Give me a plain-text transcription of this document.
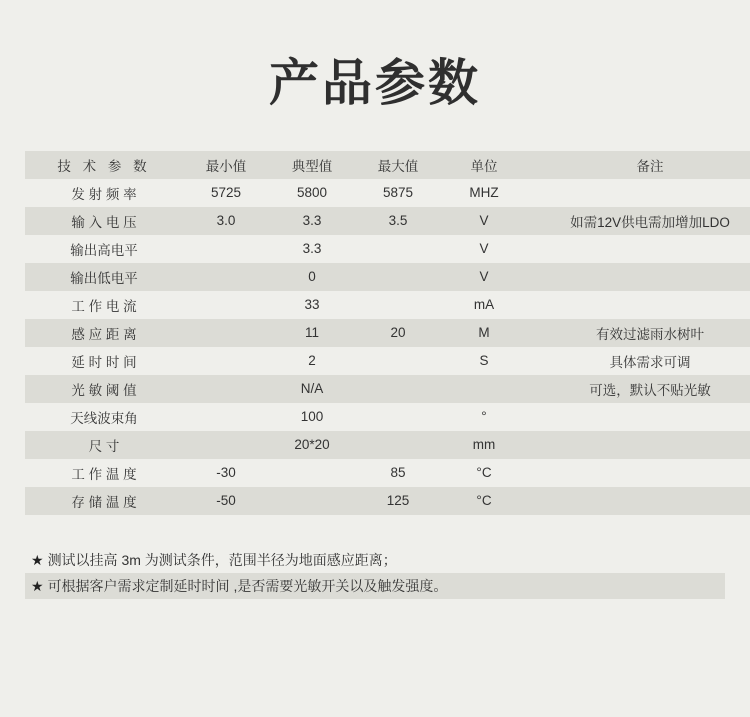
产品参数
技 术 参 数	最小值	典型值	最大值	单位	备注
发 射 频 率	5725	5800	5875	MHZ	
输 入 电 压	3.0	3.3	3.5	V	如需12V供电需加增加LDO
输出高电平		3.3		V	
输出低电平		0		V	
工 作 电 流		33		mA	
感 应 距 离		11	20	M	有效过滤雨水树叶
延 时 时 间		2		S	具体需求可调
光 敏 阈 值		N/A			可选，默认不贴光敏
天线波束角		100		°	
尺 寸		20*20		mm	
工 作 温 度	-30		85	°C	
存 储 温 度	-50		125	°C	
★ 测试以挂高 3m 为测试条件，范围半径为地面感应距离；
★ 可根据客户需求定制延时时间 ,是否需要光敏开关以及触发强度。
